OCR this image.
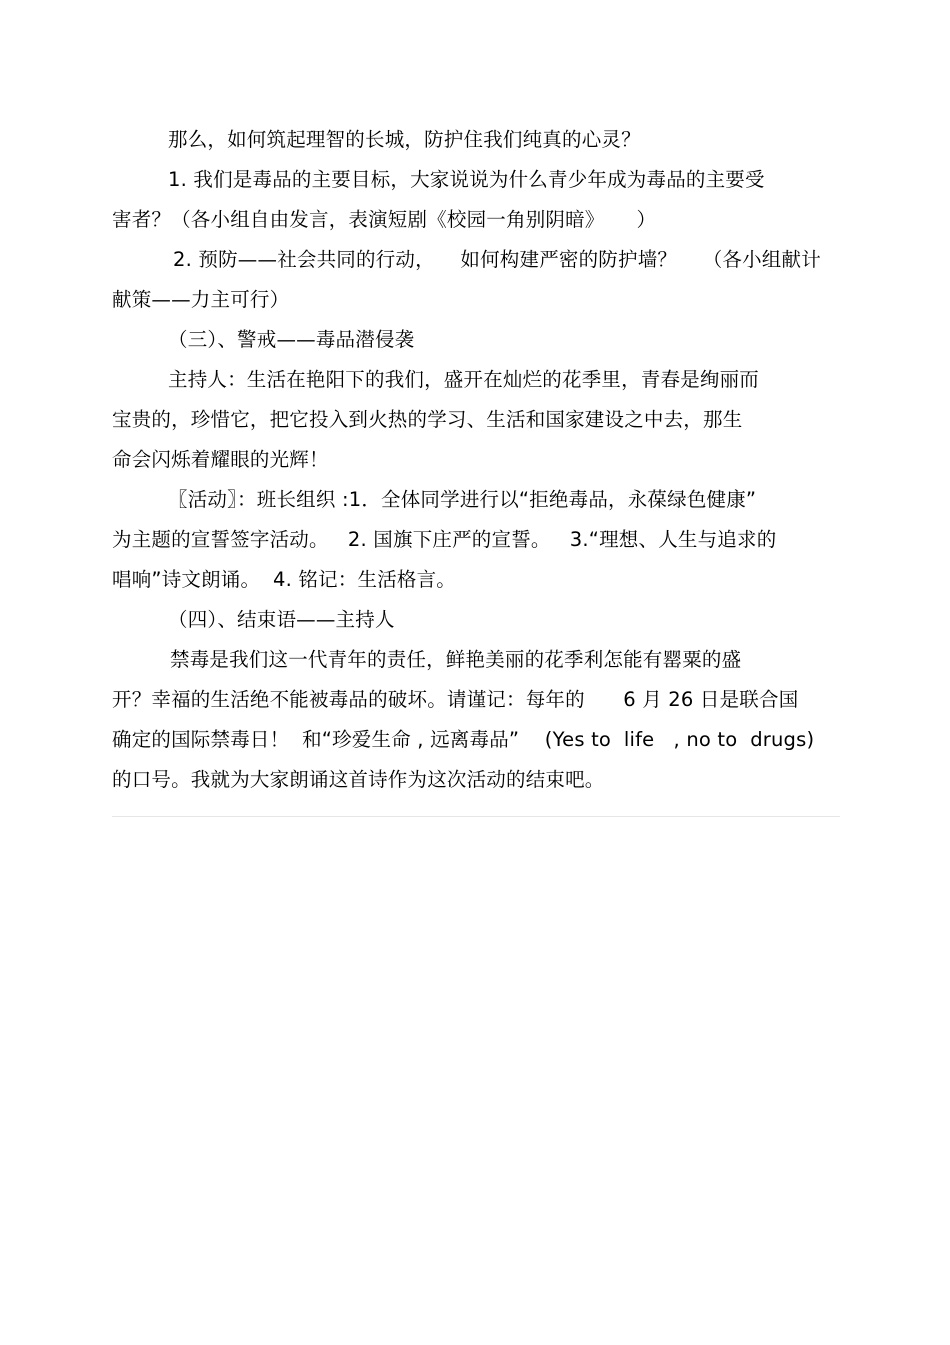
那么，如何筑起理智的长城，防护住我们纯真的心灵？
1. 我们是毒品的主要目标，大家说说为什么青少年成为毒品的主要受
害者？（各小组自由发言，表演短剧《校园一角别阴暗》     ）
2. 预防——社会共同的行动，    如何构建严密的防护墙？    （各小组献计
献策——力主可行）
（三）、警戒——毒品潜侵袭
主持人：生活在艳阳下的我们，盛开在灿烂的花季里，青春是绚丽而
宝贵的，珍惜它，把它投入到火热的学习、生活和国家建设之中去，那生
命会闪烁着耀眼的光辉！
〖活动〗：班长组织 :1．全体同学进行以“拒绝毒品，永葆绿色健康”
为主题的宣誓签字活动。   2. 国旗下庄严的宣誓。   3.“理想、人生与追求的
唱响”诗文朗诵。  4. 铭记：生活格言。
（四）、结束语——主持人
禁毒是我们这一代青年的责任，鲜艳美丽的花季利怎能有罂粟的盛
开？幸福的生活绝不能被毒品的破坏。请谨记：每年的      6 月 26 日是联合国
确定的国际禁毒日！  和“珍爱生命 , 远离毒品”    (Yes to  life   , no to  drugs)
的口号。我就为大家朗诵这首诗作为这次活动的结束吧。
